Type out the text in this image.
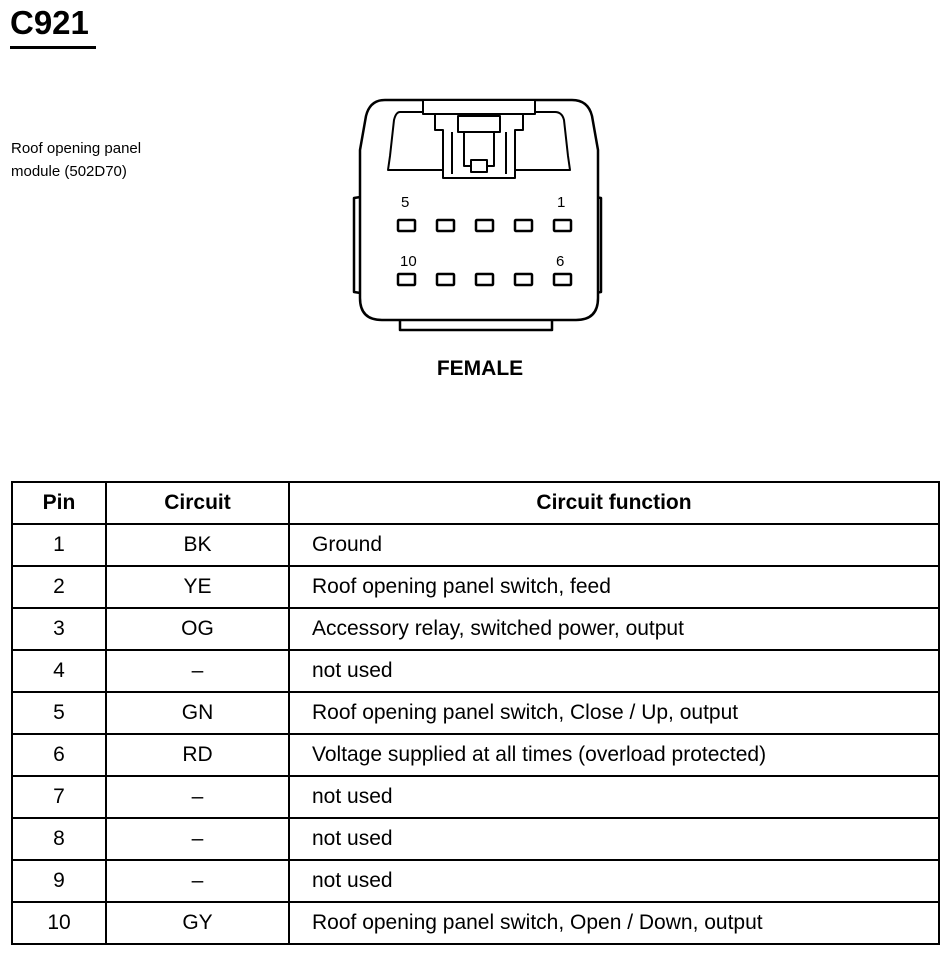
C921
Roof opening panel
module (502D70)
5	1
10	6
FEMALE
Pin	Circuit	Circuit function
1	BK	Ground
2	YE	Roof opening panel switch, feed
3	OG	Accessory relay, switched power, output
4	–	not used
5	GN	Roof opening panel switch, Close / Up, output
6	RD	Voltage supplied at all times (overload protected)
7	–	not used
8	–	not used
9	–	not used
10	GY	Roof opening panel switch, Open / Down, output
